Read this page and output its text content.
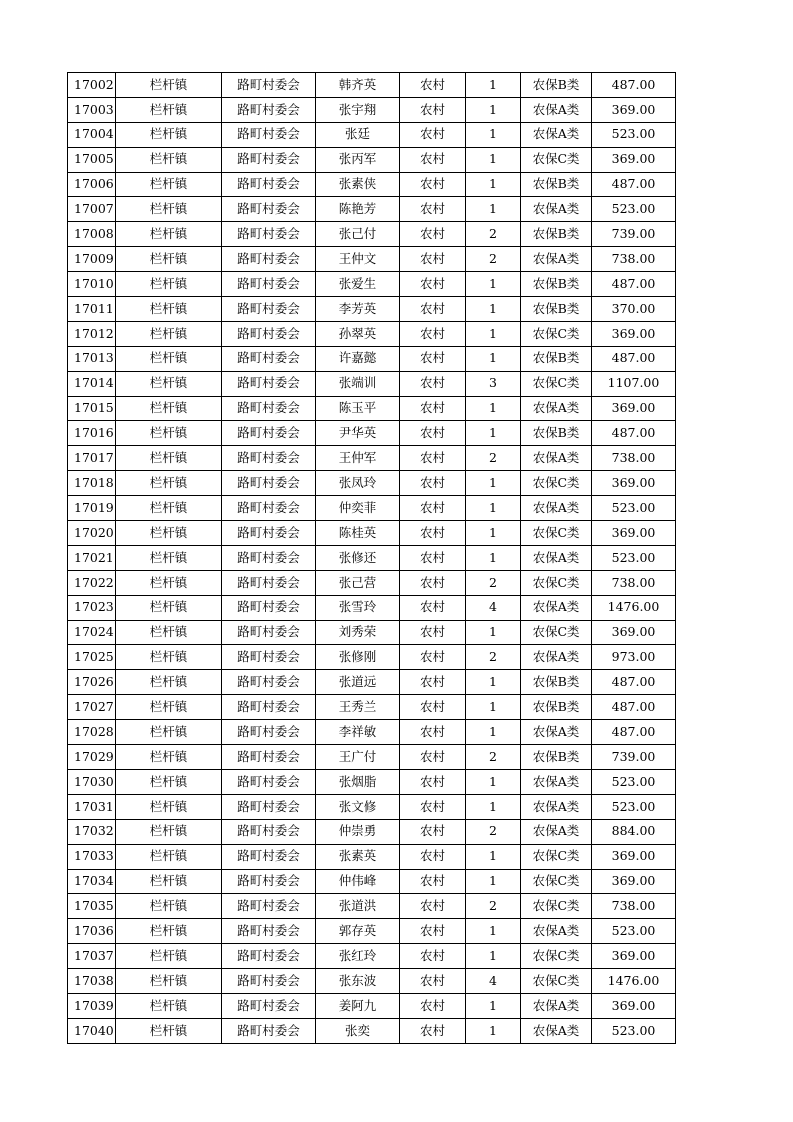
17002	栏杆镇	路町村委会	韩齐英	农村	1	农保B类	487.00
17003	栏杆镇	路町村委会	张宇翔	农村	1	农保A类	369.00
17004	栏杆镇	路町村委会	张廷	农村	1	农保A类	523.00
17005	栏杆镇	路町村委会	张丙军	农村	1	农保C类	369.00
17006	栏杆镇	路町村委会	张素侠	农村	1	农保B类	487.00
17007	栏杆镇	路町村委会	陈艳芳	农村	1	农保A类	523.00
17008	栏杆镇	路町村委会	张己付	农村	2	农保B类	739.00
17009	栏杆镇	路町村委会	王仲文	农村	2	农保A类	738.00
17010	栏杆镇	路町村委会	张爱生	农村	1	农保B类	487.00
17011	栏杆镇	路町村委会	李芳英	农村	1	农保B类	370.00
17012	栏杆镇	路町村委会	孙翠英	农村	1	农保C类	369.00
17013	栏杆镇	路町村委会	许嘉懿	农村	1	农保B类	487.00
17014	栏杆镇	路町村委会	张端训	农村	3	农保C类	1107.00
17015	栏杆镇	路町村委会	陈玉平	农村	1	农保A类	369.00
17016	栏杆镇	路町村委会	尹华英	农村	1	农保B类	487.00
17017	栏杆镇	路町村委会	王仲军	农村	2	农保A类	738.00
17018	栏杆镇	路町村委会	张凤玲	农村	1	农保C类	369.00
17019	栏杆镇	路町村委会	仲奕菲	农村	1	农保A类	523.00
17020	栏杆镇	路町村委会	陈桂英	农村	1	农保C类	369.00
17021	栏杆镇	路町村委会	张修还	农村	1	农保A类	523.00
17022	栏杆镇	路町村委会	张己营	农村	2	农保C类	738.00
17023	栏杆镇	路町村委会	张雪玲	农村	4	农保A类	1476.00
17024	栏杆镇	路町村委会	刘秀荣	农村	1	农保C类	369.00
17025	栏杆镇	路町村委会	张修刚	农村	2	农保A类	973.00
17026	栏杆镇	路町村委会	张道远	农村	1	农保B类	487.00
17027	栏杆镇	路町村委会	王秀兰	农村	1	农保B类	487.00
17028	栏杆镇	路町村委会	李祥敏	农村	1	农保A类	487.00
17029	栏杆镇	路町村委会	王广付	农村	2	农保B类	739.00
17030	栏杆镇	路町村委会	张烟脂	农村	1	农保A类	523.00
17031	栏杆镇	路町村委会	张文修	农村	1	农保A类	523.00
17032	栏杆镇	路町村委会	仲崇勇	农村	2	农保A类	884.00
17033	栏杆镇	路町村委会	张素英	农村	1	农保C类	369.00
17034	栏杆镇	路町村委会	仲伟峰	农村	1	农保C类	369.00
17035	栏杆镇	路町村委会	张道洪	农村	2	农保C类	738.00
17036	栏杆镇	路町村委会	郭存英	农村	1	农保A类	523.00
17037	栏杆镇	路町村委会	张红玲	农村	1	农保C类	369.00
17038	栏杆镇	路町村委会	张东波	农村	4	农保C类	1476.00
17039	栏杆镇	路町村委会	姜阿九	农村	1	农保A类	369.00
17040	栏杆镇	路町村委会	张奕	农村	1	农保A类	523.00
